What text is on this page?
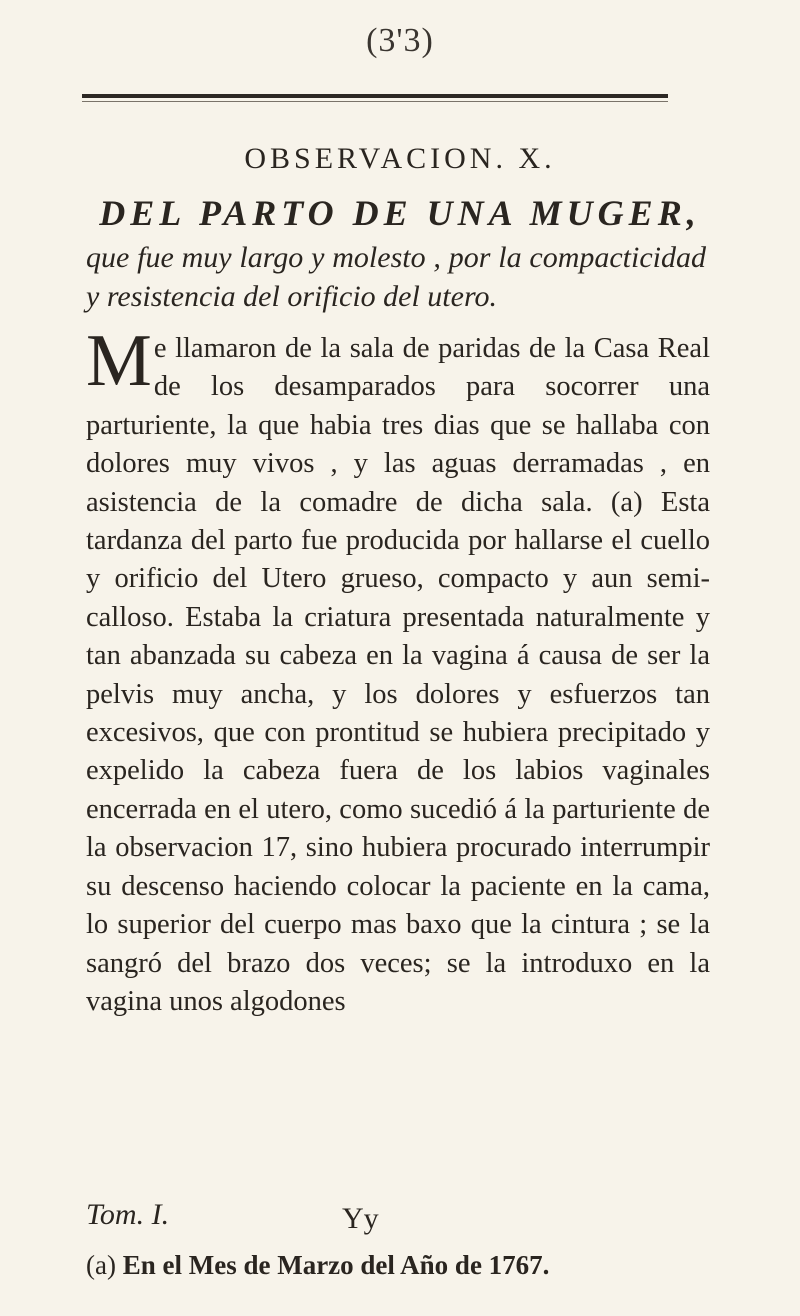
(3'3)
OBSERVACION. X.
DEL PARTO DE UNA MUGER,
que fue muy largo y molesto , por la compacticidad y resistencia del orificio del utero.
Me llamaron de la sala de paridas de la Casa Real de los desamparados para socorrer una parturiente, la que habia tres dias que se hallaba con dolores muy vivos , y las aguas derramadas , en asistencia de la comadre de dicha sala. (a) Esta tardanza del parto fue producida por hallarse el cuello y orificio del Utero grueso, compacto y aun semi-calloso. Estaba la criatura presentada naturalmente y tan abanzada su cabeza en la vagina á causa de ser la pelvis muy ancha, y los dolores y esfuerzos tan excesivos, que con prontitud se hubiera precipitado y expelido la cabeza fuera de los labios vaginales encerrada en el utero, como sucedió á la parturiente de la observacion 17, sino hubiera procurado interrumpir su descenso haciendo colocar la paciente en la cama, lo superior del cuerpo mas baxo que la cintura ; se la sangró del brazo dos veces; se la introduxo en la vagina unos algodones
Tom. I.	Yy
(a) En el Mes de Marzo del Año de 1767.
